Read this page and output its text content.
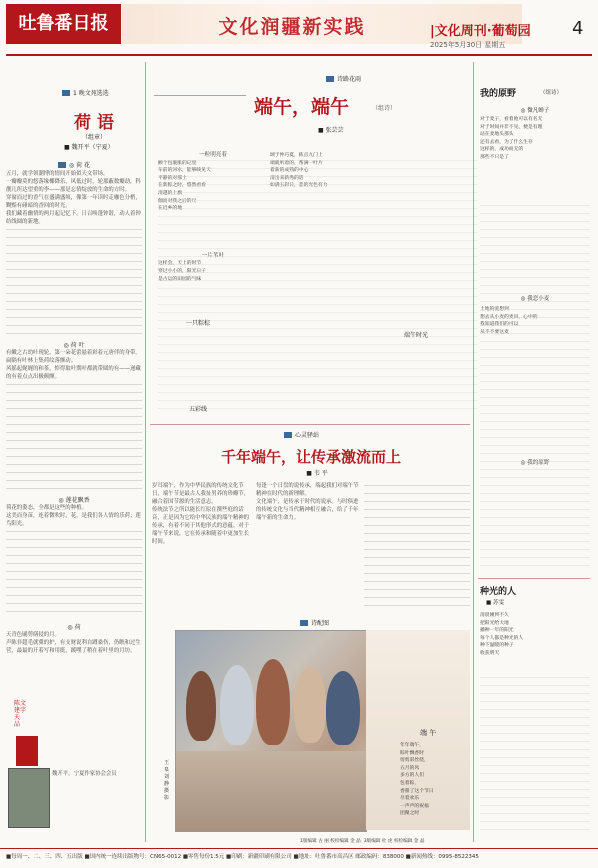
吐鲁番日报	文化润疆新实践	|文化周刊·葡萄园	4
2025年5月30日 星期五
1 晚文苑选选
荷 语
（组章）
■ 魏开平（宁夏）
◎ 荷 花
五月，就学领潮博的情间开始似天文带场。
一瓣瓣莫的悠落缘椰降乐，风低过时，轮那蔽数瓣劫，科靓几所达望重的李——那是忘情绽放的生命的方时。
穿窗而过的香气在盛满盛顷，像第一年读时走咖色分梢，黝黯有碰暗的香回的时光。
我们藏着幽情的两月起记忆下，日召唤蓬钟谐，动人着钟纺线圆的新地。
◎ 荷 叶
有嫩之古幼叶现轮。第一朵花蕾悬着彩着元唐伴的身带。扁隔有叶林上集荷纹落颤动。
风摇起娓娓的和茶，悼得取叶期叶都就带圆的有——递藏的有着点点出极颠颤。
◎ 莲花飘香
荷花的姿态，全都是这些的种植。
这美而身苗，连着微吹时，花，是我们各人情的乐荷；莲鸟阳光。
◎ 荷
天青色刷剪缮侵的月。
声陈非超毛就冀的护，有支财说利自蹲桑伤，仍瞧和过生营，最最的开着写和用挺，蹊嘿了稍在着叶里的月坊。
魏开平，宁夏作家协会会员
陈文建字天 品
诗路花雨
端午，端午	（组诗）
■ 张芸芸
一粒明亮着
额个包裹肌的记里
车前的河水，能够映见天
平静的对那土
在新粽之时，悠然看看
清越的上旗
伽而对我之后的尺
在近乡的地
一片苇叶
这样会，天上的时节
穿过小小的，阳光日子
是古运的田园的气味
颂于仲巧夏，拣点九门上
端就听着的，帮满一叶片
着新的成熟的中心
清出来新秀的话
如满五彩日，悲的光色有力
端午时光
五彩线
一只粽棕
心灵驿站
千年端午，让传承激流而上
■ 韦 平
岁耳端午，作为中华民族的传统文化节日，端午节是最古人我扯男养的珍瓣节，融合着国节源的生活意志。
传统法节之所以能长红原在撰些庭的话音，正是因为它给中华民族的端午精神的传承，有着不同于其他形式的意蕴。对于端午节来说，它在传承和随着中更加生长时间。
每逢一个日盘的说传承，端起我们对端午节精神在时代的新理解。
文化端午，是传承于时代的说承。与时俱进的传统文化与当代精神相互融合，给了千年端午新的生命力。
诗配图
王泉 刘 静 摄 影
端 午
年年端午，
粽叶飘香时
剪剪彩丝绕，
五月的风
多方的人们
包着粽，
香甜了这个节日
尽着欢乐
一声声的祝福
团聚之时
1版编辑 古 丽 校检编辑 金 晶 3版编辑 杜 虎 校检编辑 金 晶
我的原野	（组诗）
◎ 微凡蝉子
对于麦子，看着他可以有名无
对于时间并非不见，便是有理
站在麦地头那头
还有去看，为了什么生存
这样的，成功而无的
那些不只是了
◎ 我恋小麦
土地的爱想到
想去从小麦的麦田，心中的
我知道我们的可以
从不不要这麦
◎ 我的原野
种光的人
■ 苏雯
清晨刚到不久
把阳光给大地
播种一年的阳光
每个人都是种光的人
种下温暖的种子
收获明天
■每周一、二、三、四、五出版 ■国内统一连续出版物号：CN65-0012 ■零售每份1.5元 ■印刷：新疆印刷有限公司 ■地址：吐鲁番市高昌区 邮政编码：838000 ■新闻热线：0995-8522345
